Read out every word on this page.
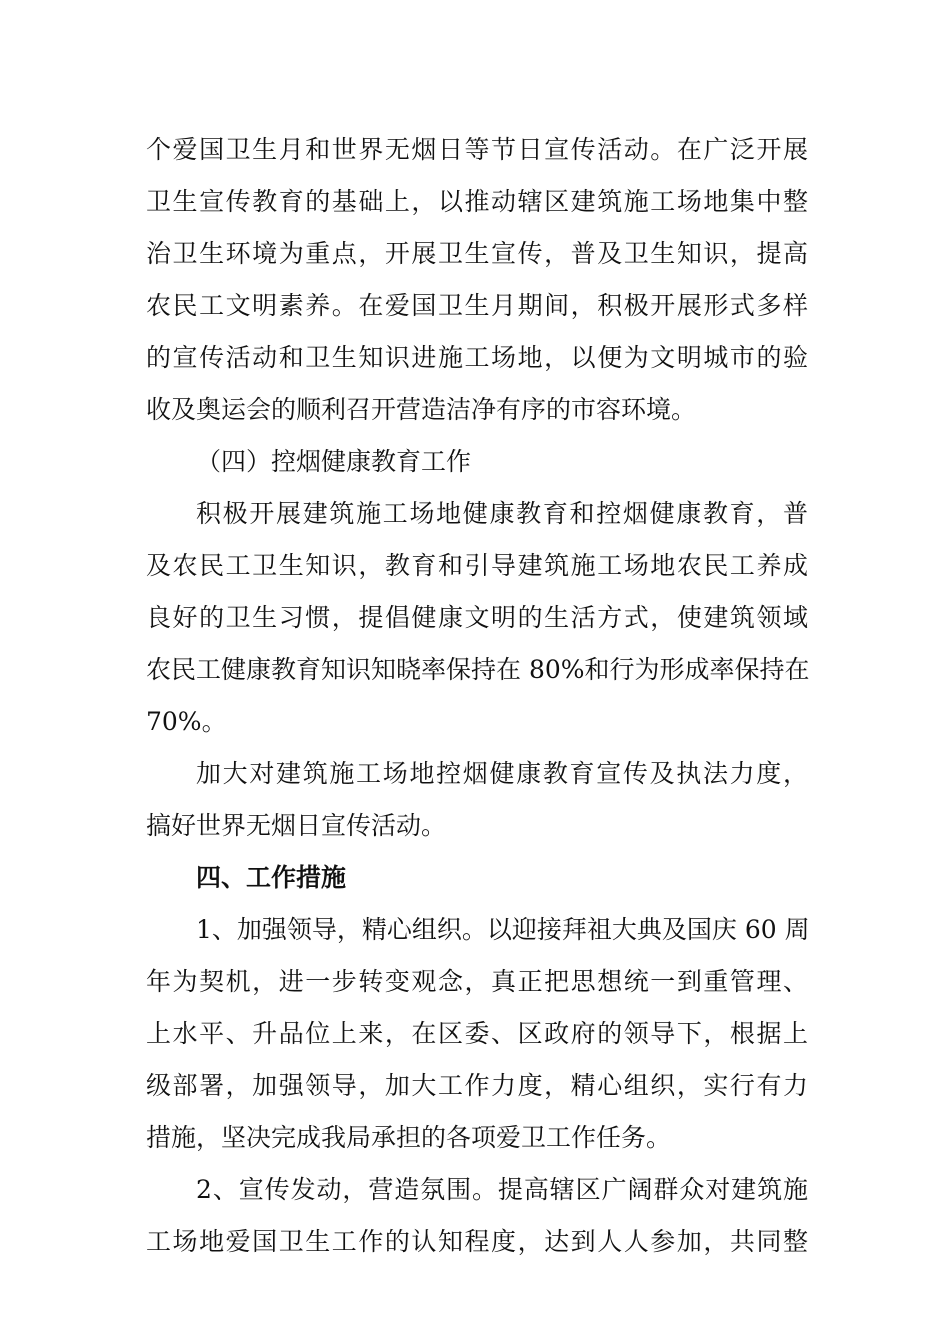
个爱国卫生月和世界无烟日等节日宣传活动。在广泛开展
卫生宣传教育的基础上，以推动辖区建筑施工场地集中整
治卫生环境为重点，开展卫生宣传，普及卫生知识，提高
农民工文明素养。在爱国卫生月期间，积极开展形式多样
的宣传活动和卫生知识进施工场地，以便为文明城市的验
收及奥运会的顺利召开营造洁净有序的市容环境。
（四）控烟健康教育工作
积极开展建筑施工场地健康教育和控烟健康教育，普
及农民工卫生知识，教育和引导建筑施工场地农民工养成
良好的卫生习惯，提倡健康文明的生活方式，使建筑领域
农民工健康教育知识知晓率保持在 80%和行为形成率保持在
70%。
加大对建筑施工场地控烟健康教育宣传及执法力度，
搞好世界无烟日宣传活动。
四、工作措施
1、加强领导，精心组织。以迎接拜祖大典及国庆 60 周
年为契机，进一步转变观念，真正把思想统一到重管理、
上水平、升品位上来，在区委、区政府的领导下，根据上
级部署，加强领导，加大工作力度，精心组织，实行有力
措施，坚决完成我局承担的各项爱卫工作任务。
2、宣传发动，营造氛围。提高辖区广阔群众对建筑施
工场地爱国卫生工作的认知程度，达到人人参加，共同整
